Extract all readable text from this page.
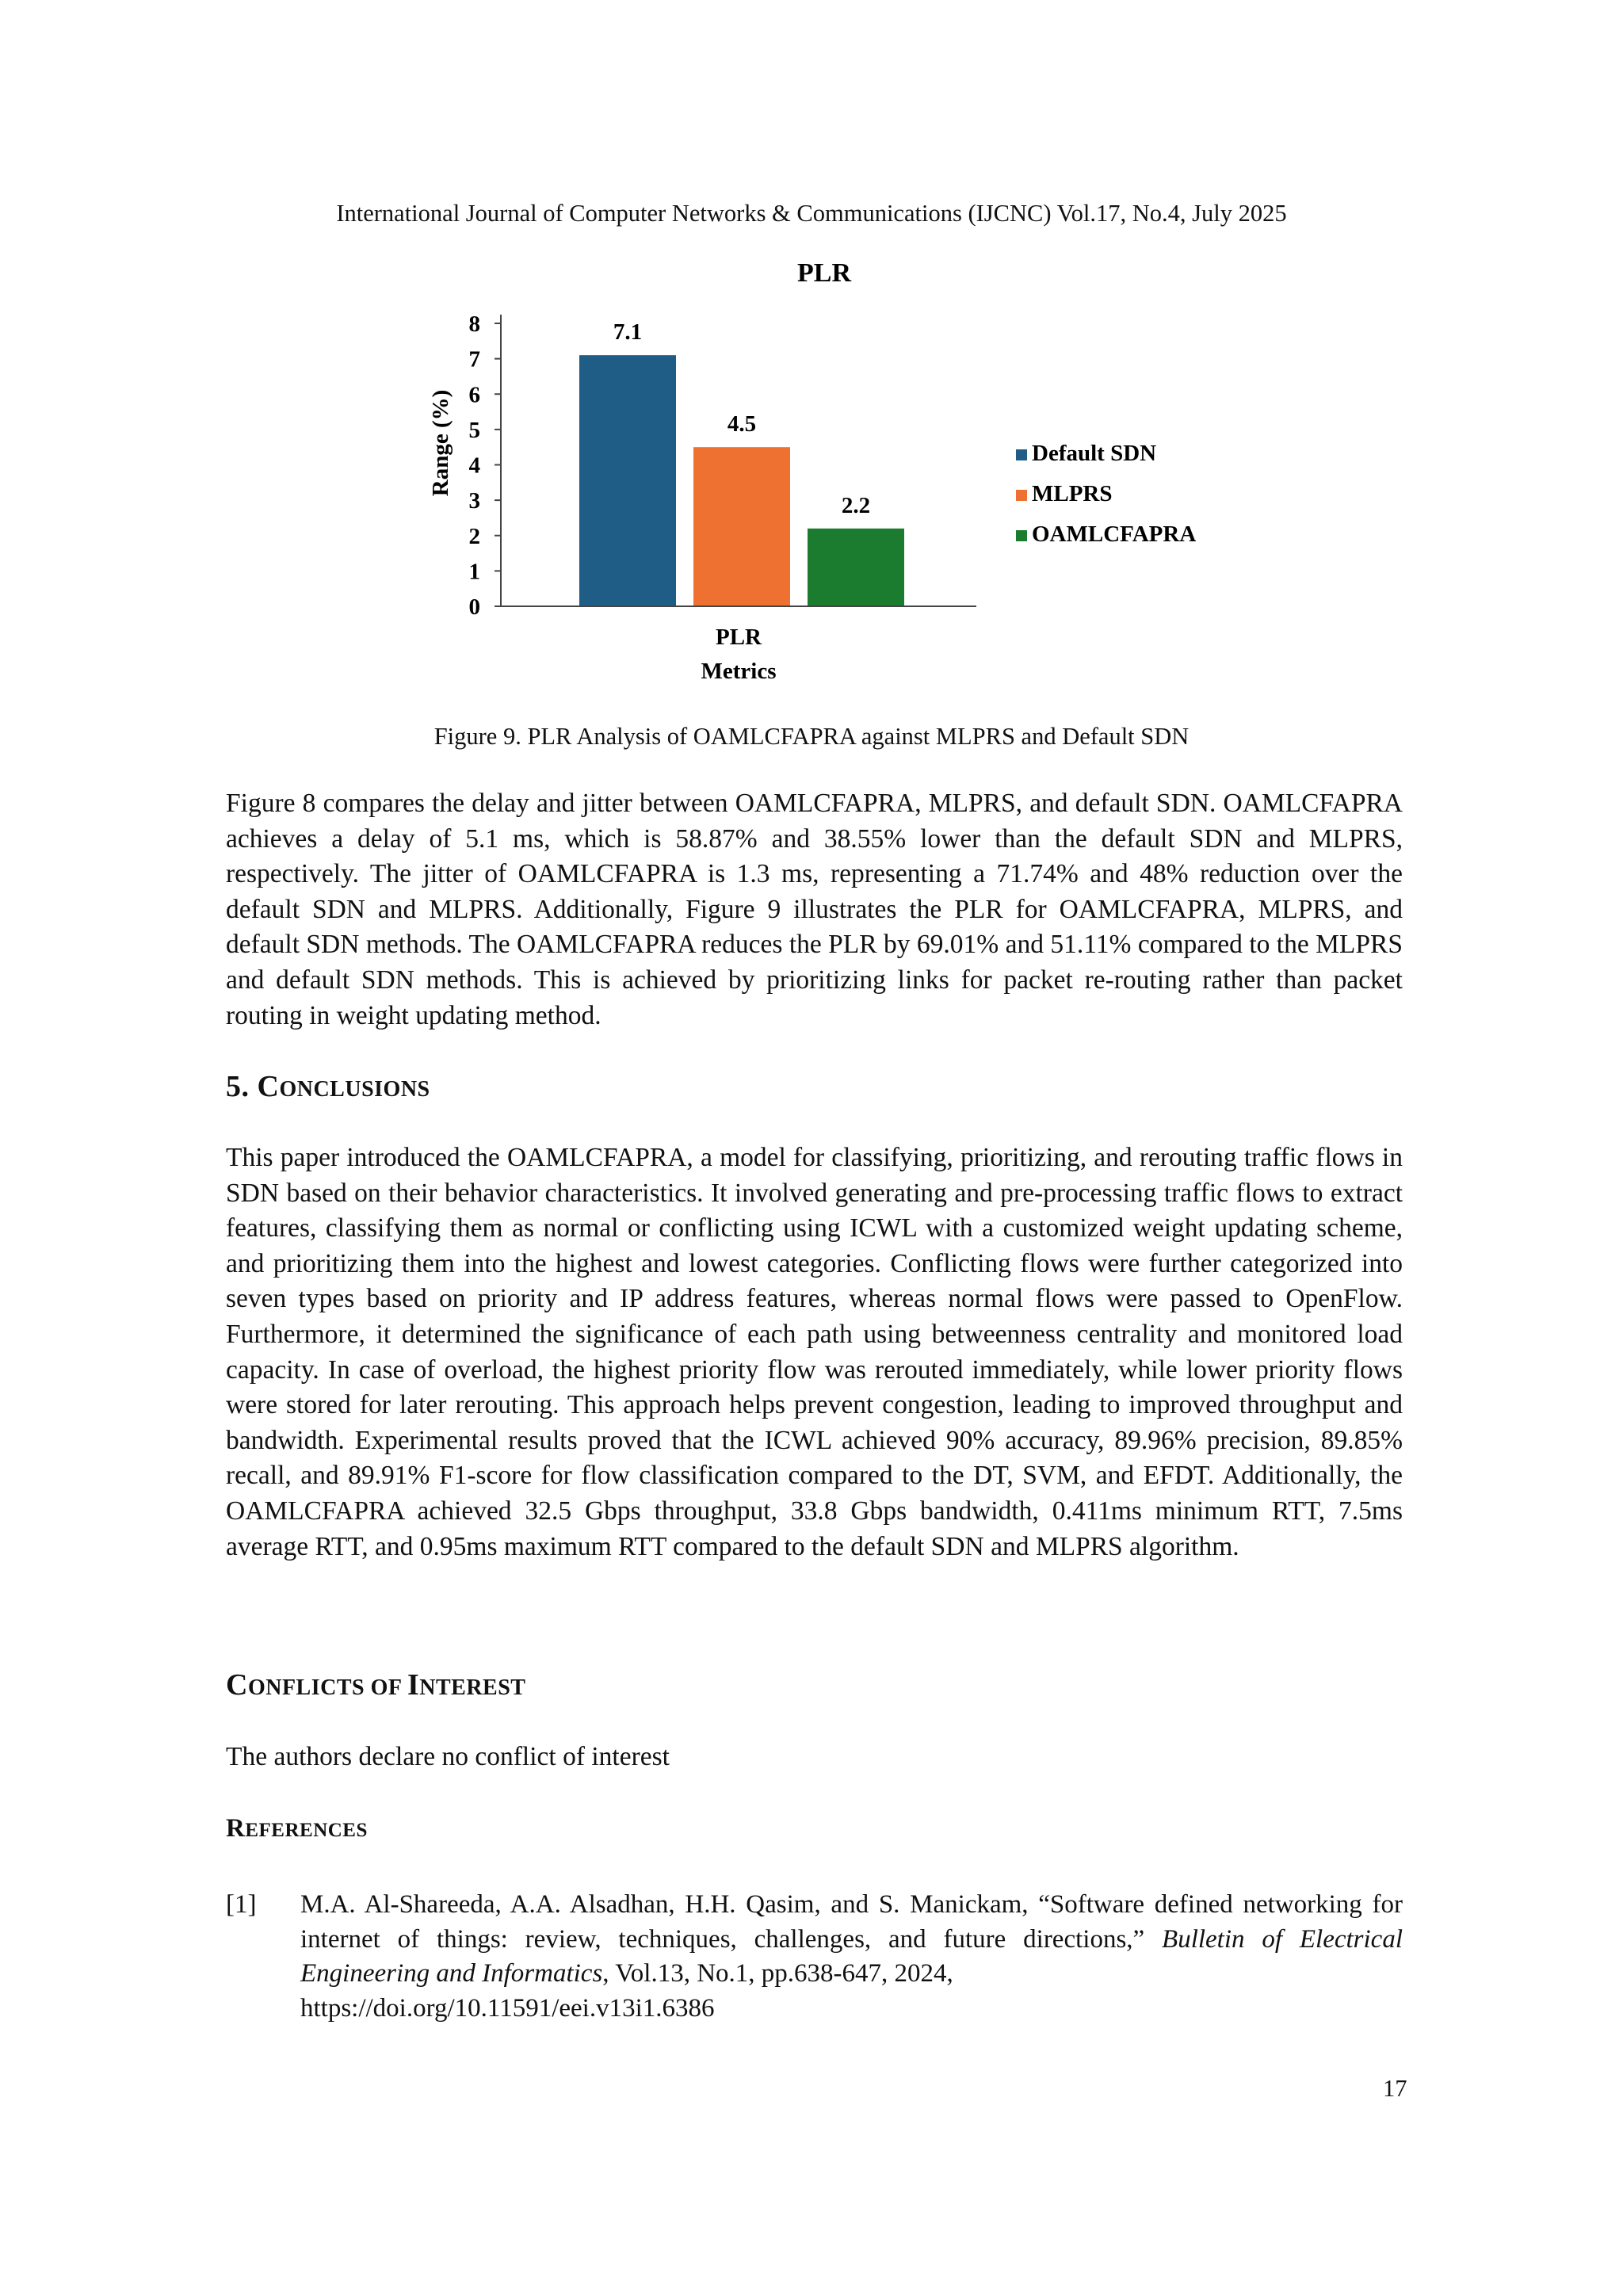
International Journal of Computer Networks & Communications (IJCNC) Vol.17, No.4, July 2025
PLR
Range (%)
0
1
2
3
4
5
6
7
8	7.1
4.5
2.2
PLR
Metrics
Default SDN
MLPRS
OAMLCFAPRA
Figure 9. PLR Analysis of OAMLCFAPRA against MLPRS and Default SDN

Figure 8 compares the delay and jitter between OAMLCFAPRA, MLPRS, and default SDN. OAMLCFAPRA achieves a delay of 5.1 ms, which is 58.87% and 38.55% lower than the default SDN and MLPRS, respectively. The jitter of OAMLCFAPRA is 1.3 ms, representing a 71.74% and 48% reduction over the default SDN and MLPRS. Additionally, Figure 9 illustrates the PLR for OAMLCFAPRA, MLPRS, and default SDN methods. The OAMLCFAPRA reduces the PLR by 69.01% and 51.11% compared to the MLPRS and default SDN methods. This is achieved by prioritizing links for packet re-routing rather than packet routing in weight updating method.

5. CONCLUSIONS

This paper introduced the OAMLCFAPRA, a model for classifying, prioritizing, and rerouting traffic flows in SDN based on their behavior characteristics. It involved generating and pre-processing traffic flows to extract features, classifying them as normal or conflicting using ICWL with a customized weight updating scheme, and prioritizing them into the highest and lowest categories. Conflicting flows were further categorized into seven types based on priority and IP address features, whereas normal flows were passed to OpenFlow. Furthermore, it determined the significance of each path using betweenness centrality and monitored load capacity. In case of overload, the highest priority flow was rerouted immediately, while lower priority flows were stored for later rerouting. This approach helps prevent congestion, leading to improved throughput and bandwidth. Experimental results proved that the ICWL achieved 90% accuracy, 89.96% precision, 89.85% recall, and 89.91% F1-score for flow classification compared to the DT, SVM, and EFDT. Additionally, the OAMLCFAPRA achieved 32.5 Gbps throughput, 33.8 Gbps bandwidth, 0.411ms minimum RTT, 7.5ms average RTT, and 0.95ms maximum RTT compared to the default SDN and MLPRS algorithm.

CONFLICTS OF INTEREST

The authors declare no conflict of interest

REFERENCES
[1] M.A. Al-Shareeda, A.A. Alsadhan, H.H. Qasim, and S. Manickam, “Software defined networking for internet of things: review, techniques, challenges, and future directions,” Bulletin of Electrical Engineering and Informatics, Vol.13, No.1, pp.638-647, 2024,
https://doi.org/10.11591/eei.v13i1.6386
17
